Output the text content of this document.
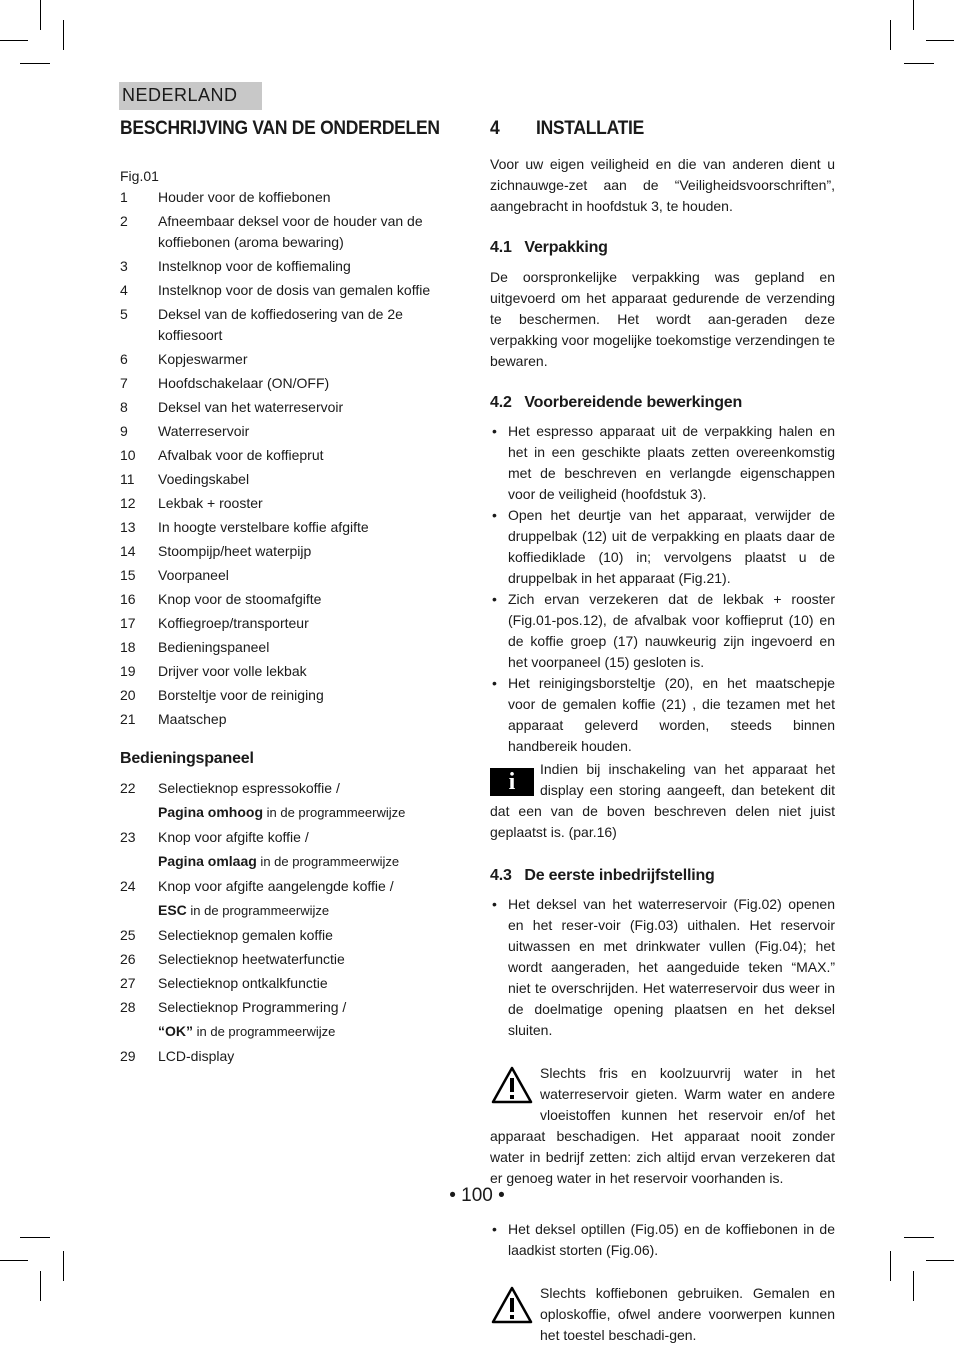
NEDERLAND
BESCHRIJVING VAN DE ONDERDELEN
Fig.01
1	Houder voor de koffiebonen
2	Afneembaar deksel voor de houder van de koffiebonen (aroma bewaring)
3	Instelknop voor de koffiemaling
4	Instelknop voor de dosis van gemalen koffie
5	Deksel van de koffiedosering van de 2e koffiesoort
6	Kopjeswarmer
7	Hoofdschakelaar (ON/OFF)
8	Deksel van het waterreservoir
9	Waterreservoir
10	Afvalbak voor de koffieprut
11	Voedingskabel
12	Lekbak + rooster
13	In hoogte verstelbare koffie afgifte
14	Stoompijp/heet waterpijp
15	Voorpaneel
16	Knop voor de stoomafgifte
17	Koffiegroep/transporteur
18	Bedieningspaneel
19	Drijver voor volle lekbak
20	Borsteltje voor de reiniging
21	Maatschep
Bedieningspaneel
22	Selectieknop espressokoffie /
Pagina omhoog in de programmeerwijze
23	Knop voor afgifte koffie /
Pagina omlaag in de programmeerwijze
24	Knop voor afgifte aangelengde koffie /
ESC in de programmeerwijze
25	Selectieknop gemalen koffie
26	Selectieknop heetwaterfunctie
27	Selectieknop ontkalkfunctie
28	Selectieknop Programmering /
“OK” in de programmeerwijze
29	LCD-display
4 INSTALLATIE

Voor uw eigen veiligheid en die van anderen dient u zichnauwge-zet aan de “Veiligheidsvoorschriften”, aangebracht in hoofdstuk 3, te houden.

4.1   Verpakking

De oorspronkelijke verpakking was gepland en uitgevoerd om het apparaat gedurende de verzending te beschermen. Het wordt aan-geraden deze verpakking voor mogelijke toekomstige verzendingen te bewaren.

4.2   Voorbereidende bewerkingen
• Het espresso apparaat uit de verpakking halen en het in een geschikte plaats zetten overeenkomstig met de beschreven en verlangde eigenschappen voor de veiligheid (hoofdstuk 3).
• Open het deurtje van het apparaat, verwijder de druppelbak (12) uit de verpakking en plaats daar de koffiediklade (10) in; vervolgens plaatst u de druppelbak in het apparaat (Fig.21).
• Zich ervan verzekeren dat de lekbak + rooster (Fig.01-pos.12), de afvalbak voor koffieprut (10) en de koffie groep (17) nauwkeurig zijn ingevoerd en het voorpaneel (15) gesloten is.
• Het reinigingsborsteltje (20), en het maatschepje voor de gemalen koffie (21) , die tezamen met het apparaat geleverd worden, steeds binnen handbereik houden.
i	Indien bij inschakeling van het apparaat het display een storing aangeeft, dan betekent dit dat een van de boven beschreven delen niet juist geplaatst is. (par.16)
4.3   De eerste inbedrijfstelling
• Het deksel van het waterreservoir (Fig.02) openen en het reser-voir (Fig.03) uithalen. Het reservoir uitwassen en met drinkwater vullen (Fig.04); het wordt aangeraden, het aangeduide teken “MAX.” niet te overschrijden. Het waterreservoir dus weer in de doelmatige opening plaatsen en het deksel sluiten.
Slechts fris en koolzuurvrij water in het waterreservoir gieten. Warm water en andere vloeistoffen kunnen het reservoir en/of het apparaat beschadigen. Het apparaat nooit zonder water in bedrijf zetten: zich altijd ervan verzekeren dat er genoeg water in het reservoir voorhanden is.
• Het deksel optillen (Fig.05) en de koffiebonen in de laadkist storten (Fig.06).
Slechts koffiebonen gebruiken. Gemalen en oploskoffie, ofwel andere voorwerpen kunnen het toestel beschadi-gen.
• 100 •
